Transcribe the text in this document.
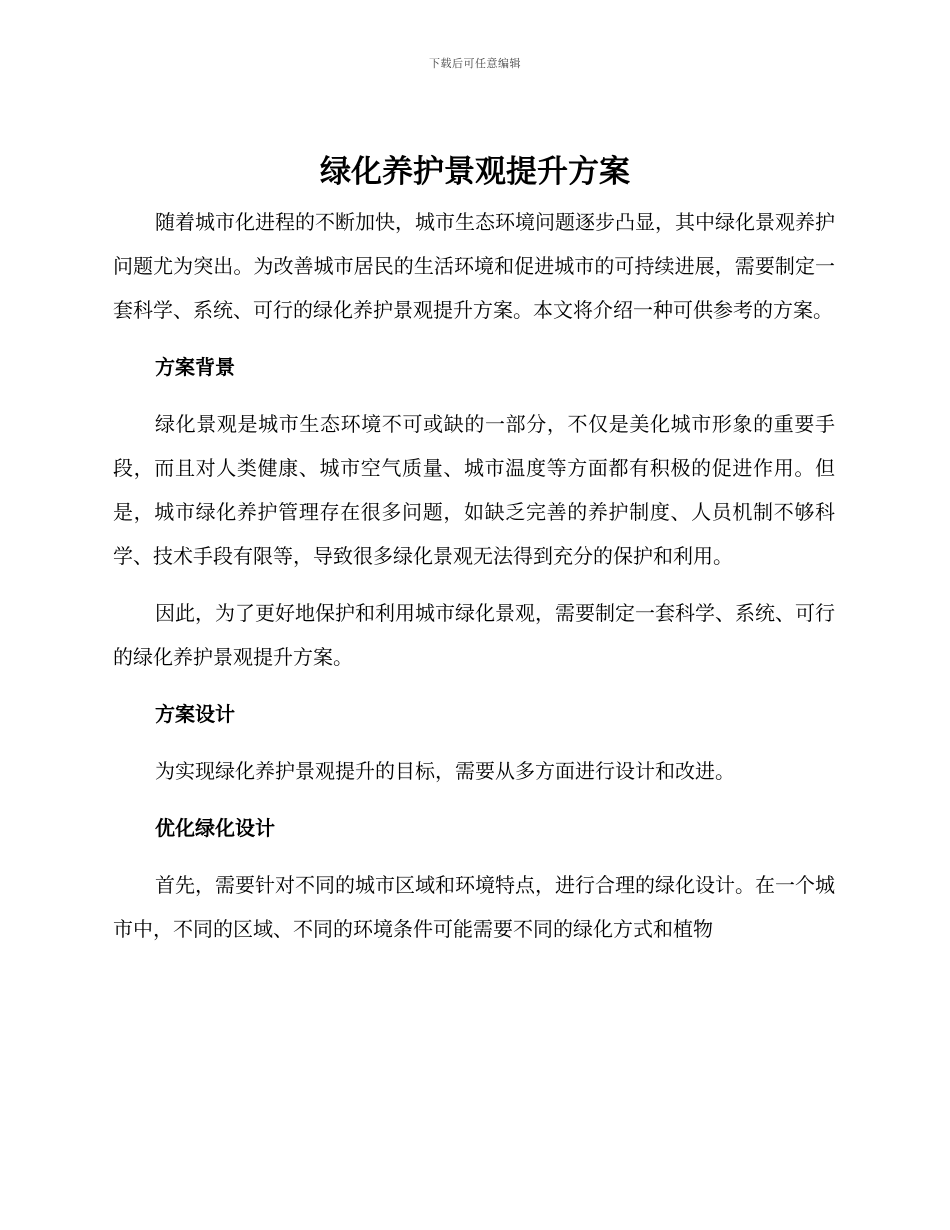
下载后可任意编辑
绿化养护景观提升方案

随着城市化进程的不断加快，城市生态环境问题逐步凸显，其中绿化景观养护问题尤为突出。为改善城市居民的生活环境和促进城市的可持续进展，需要制定一套科学、系统、可行的绿化养护景观提升方案。本文将介绍一种可供参考的方案。

方案背景

绿化景观是城市生态环境不可或缺的一部分，不仅是美化城市形象的重要手段，而且对人类健康、城市空气质量、城市温度等方面都有积极的促进作用。但是，城市绿化养护管理存在很多问题，如缺乏完善的养护制度、人员机制不够科学、技术手段有限等，导致很多绿化景观无法得到充分的保护和利用。

因此，为了更好地保护和利用城市绿化景观，需要制定一套科学、系统、可行的绿化养护景观提升方案。

方案设计

为实现绿化养护景观提升的目标，需要从多方面进行设计和改进。

优化绿化设计

首先，需要针对不同的城市区域和环境特点，进行合理的绿化设计。在一个城市中，不同的区域、不同的环境条件可能需要不同的绿化方式和植物
